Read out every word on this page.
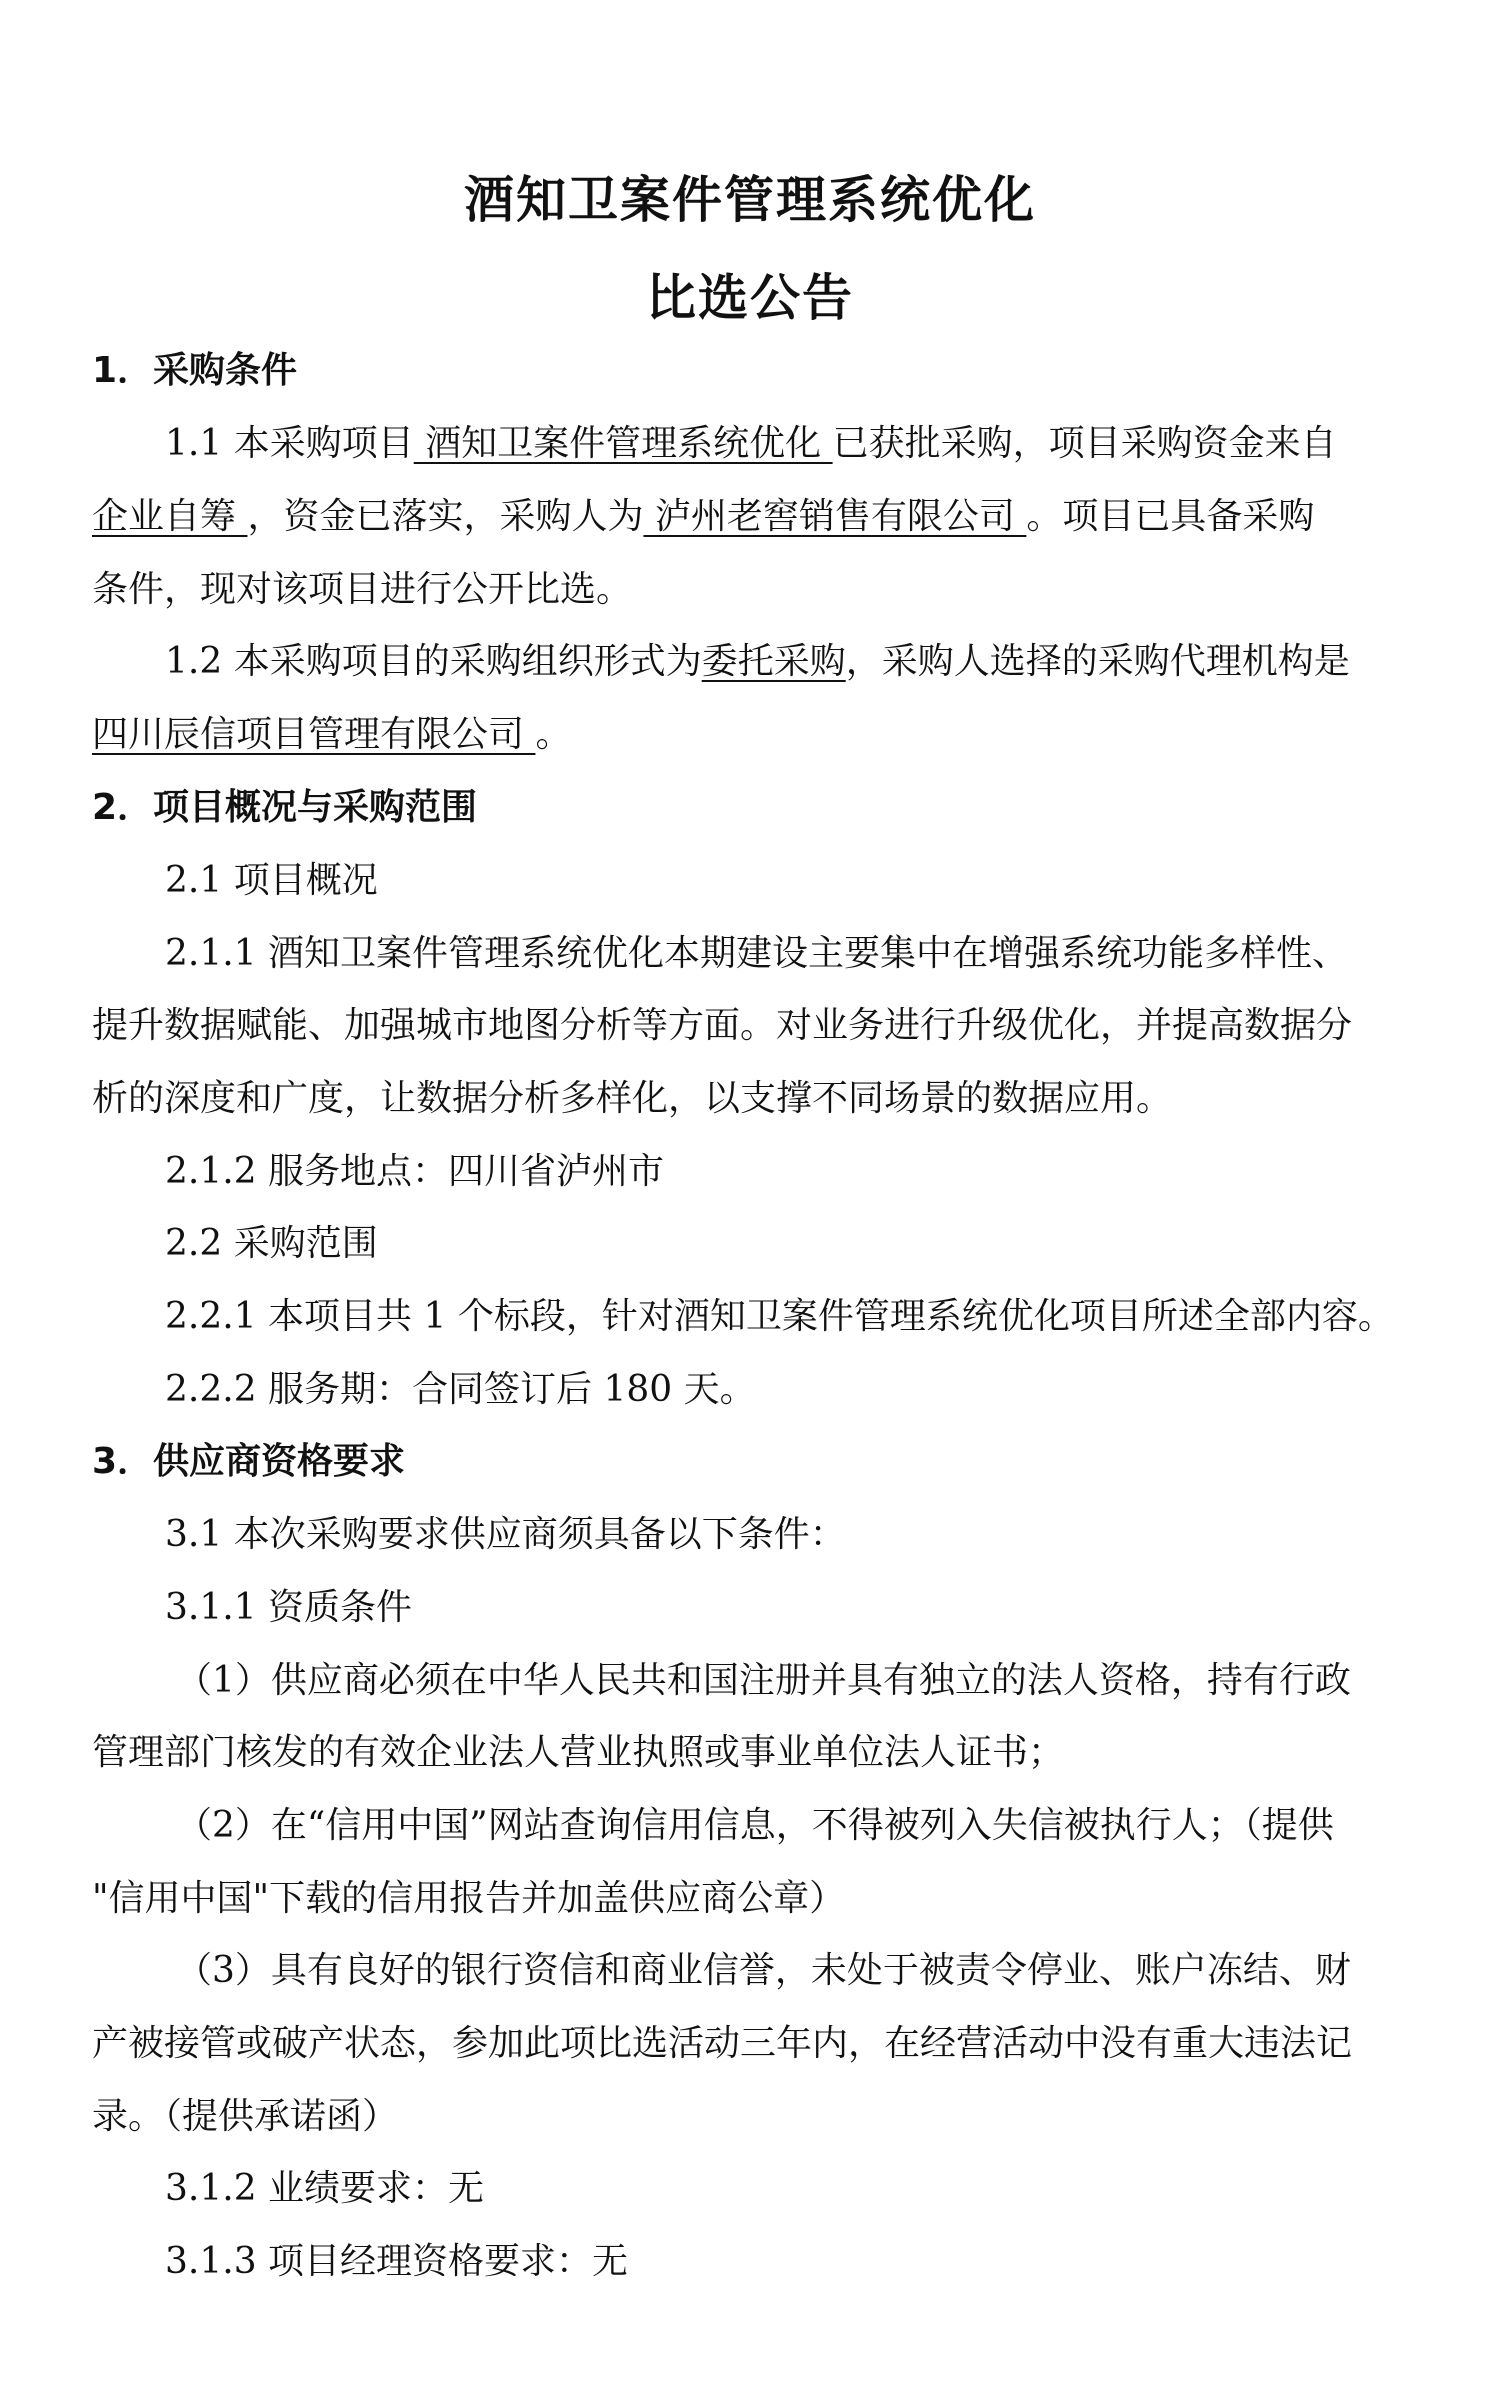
酒知卫案件管理系统优化
比选公告
1．采购条件
1.1 本采购项目 酒知卫案件管理系统优化 已获批采购，项目采购资金来自
企业自筹 ，资金已落实，采购人为 泸州老窖销售有限公司 。项目已具备采购
条件，现对该项目进行公开比选。
1.2 本采购项目的采购组织形式为委托采购，采购人选择的采购代理机构是
四川辰信项目管理有限公司 。
2．项目概况与采购范围
2.1 项目概况
2.1.1 酒知卫案件管理系统优化本期建设主要集中在增强系统功能多样性、
提升数据赋能、加强城市地图分析等方面。对业务进行升级优化，并提高数据分
析的深度和广度，让数据分析多样化，以支撑不同场景的数据应用。
2.1.2 服务地点：四川省泸州市
2.2 采购范围
2.2.1 本项目共 1 个标段，针对酒知卫案件管理系统优化项目所述全部内容。
2.2.2 服务期：合同签订后 180 天。
3．供应商资格要求
3.1 本次采购要求供应商须具备以下条件：
3.1.1 资质条件
（1）供应商必须在中华人民共和国注册并具有独立的法人资格，持有行政
管理部门核发的有效企业法人营业执照或事业单位法人证书；
（2）在“信用中国”网站查询信用信息，不得被列入失信被执行人；（提供
"信用中国"下载的信用报告并加盖供应商公章）
（3）具有良好的银行资信和商业信誉，未处于被责令停业、账户冻结、财
产被接管或破产状态，参加此项比选活动三年内，在经营活动中没有重大违法记
录。（提供承诺函）
3.1.2 业绩要求：无
3.1.3 项目经理资格要求：无
